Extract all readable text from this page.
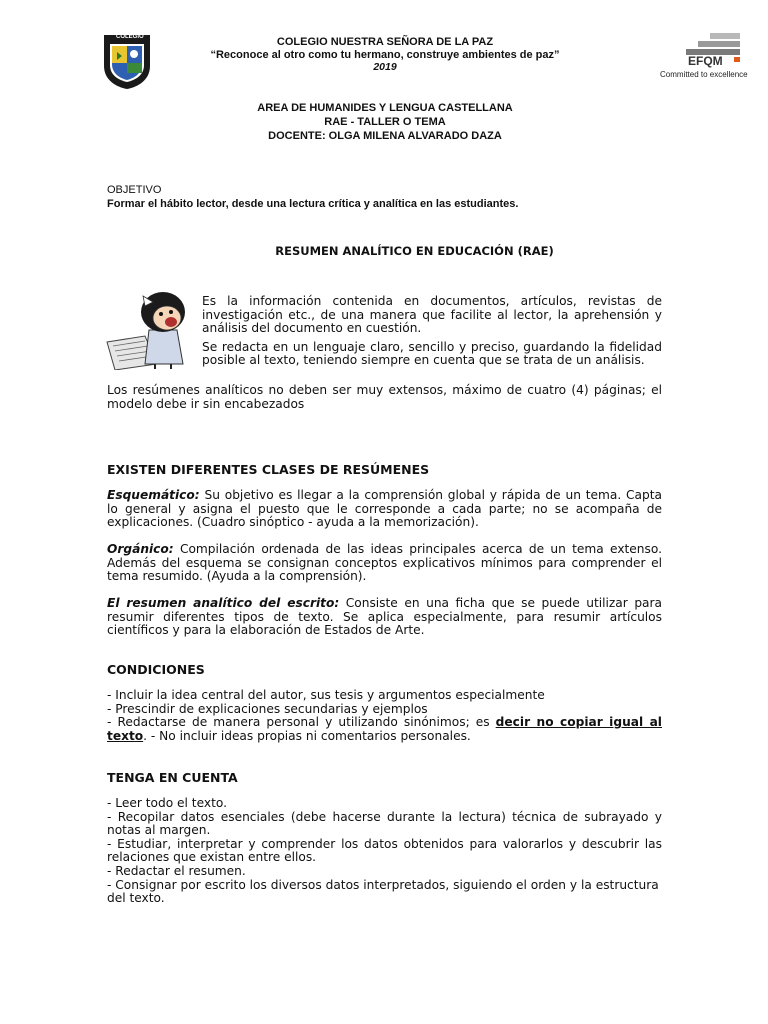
COLEGIO	COLEGIO NUESTRA SEÑORA DE LA PAZ
“Reconoce al otro como tu hermano, construye ambientes de paz”
2019	EFQM
Committed to excellence
AREA DE HUMANIDES Y LENGUA CASTELLANA
RAE - TALLER O TEMA
DOCENTE: OLGA MILENA ALVARADO DAZA
OBJETIVO
Formar el hábito lector, desde una lectura crítica y analítica en las estudiantes.
RESUMEN ANALÍTICO EN EDUCACIÓN (RAE)

Es la información contenida en documentos, artículos, revistas de investigación etc., de una manera que facilite al lector, la aprehensión y análisis del documento en cuestión.

Se redacta en un lenguaje claro, sencillo y preciso, guardando la fidelidad posible al texto, teniendo siempre en cuenta que se trata de un análisis.

Los resúmenes analíticos no deben ser muy extensos, máximo de cuatro (4) páginas; el modelo debe ir sin encabezados
EXISTEN DIFERENTES CLASES DE RESÚMENES
Esquemático: Su objetivo es llegar a la comprensión global y rápida de un tema. Capta lo general y asigna el puesto que le corresponde a cada parte; no se acompaña de explicaciones. (Cuadro sinóptico - ayuda a la memorización).
Orgánico: Compilación ordenada de las ideas principales acerca de un tema extenso. Además del esquema se consignan conceptos explicativos mínimos para comprender el tema resumido. (Ayuda a la comprensión).
El resumen analítico del escrito: Consiste en una ficha que se puede utilizar para resumir diferentes tipos de texto. Se aplica especialmente, para resumir artículos científicos y para la elaboración de Estados de Arte.
CONDICIONES
- Incluir la idea central del autor, sus tesis y argumentos especialmente
- Prescindir de explicaciones secundarias y ejemplos
- Redactarse de manera personal y utilizando sinónimos; es decir no copiar igual al texto. - No incluir ideas propias ni comentarios personales.
TENGA EN CUENTA
- Leer todo el texto.
- Recopilar datos esenciales (debe hacerse durante la lectura) técnica de subrayado y notas al margen.
- Estudiar, interpretar y comprender los datos obtenidos para valorarlos y descubrir las relaciones que existan entre ellos.
- Redactar el resumen.
- Consignar por escrito los diversos datos interpretados, siguiendo el orden y la estructura del texto.
